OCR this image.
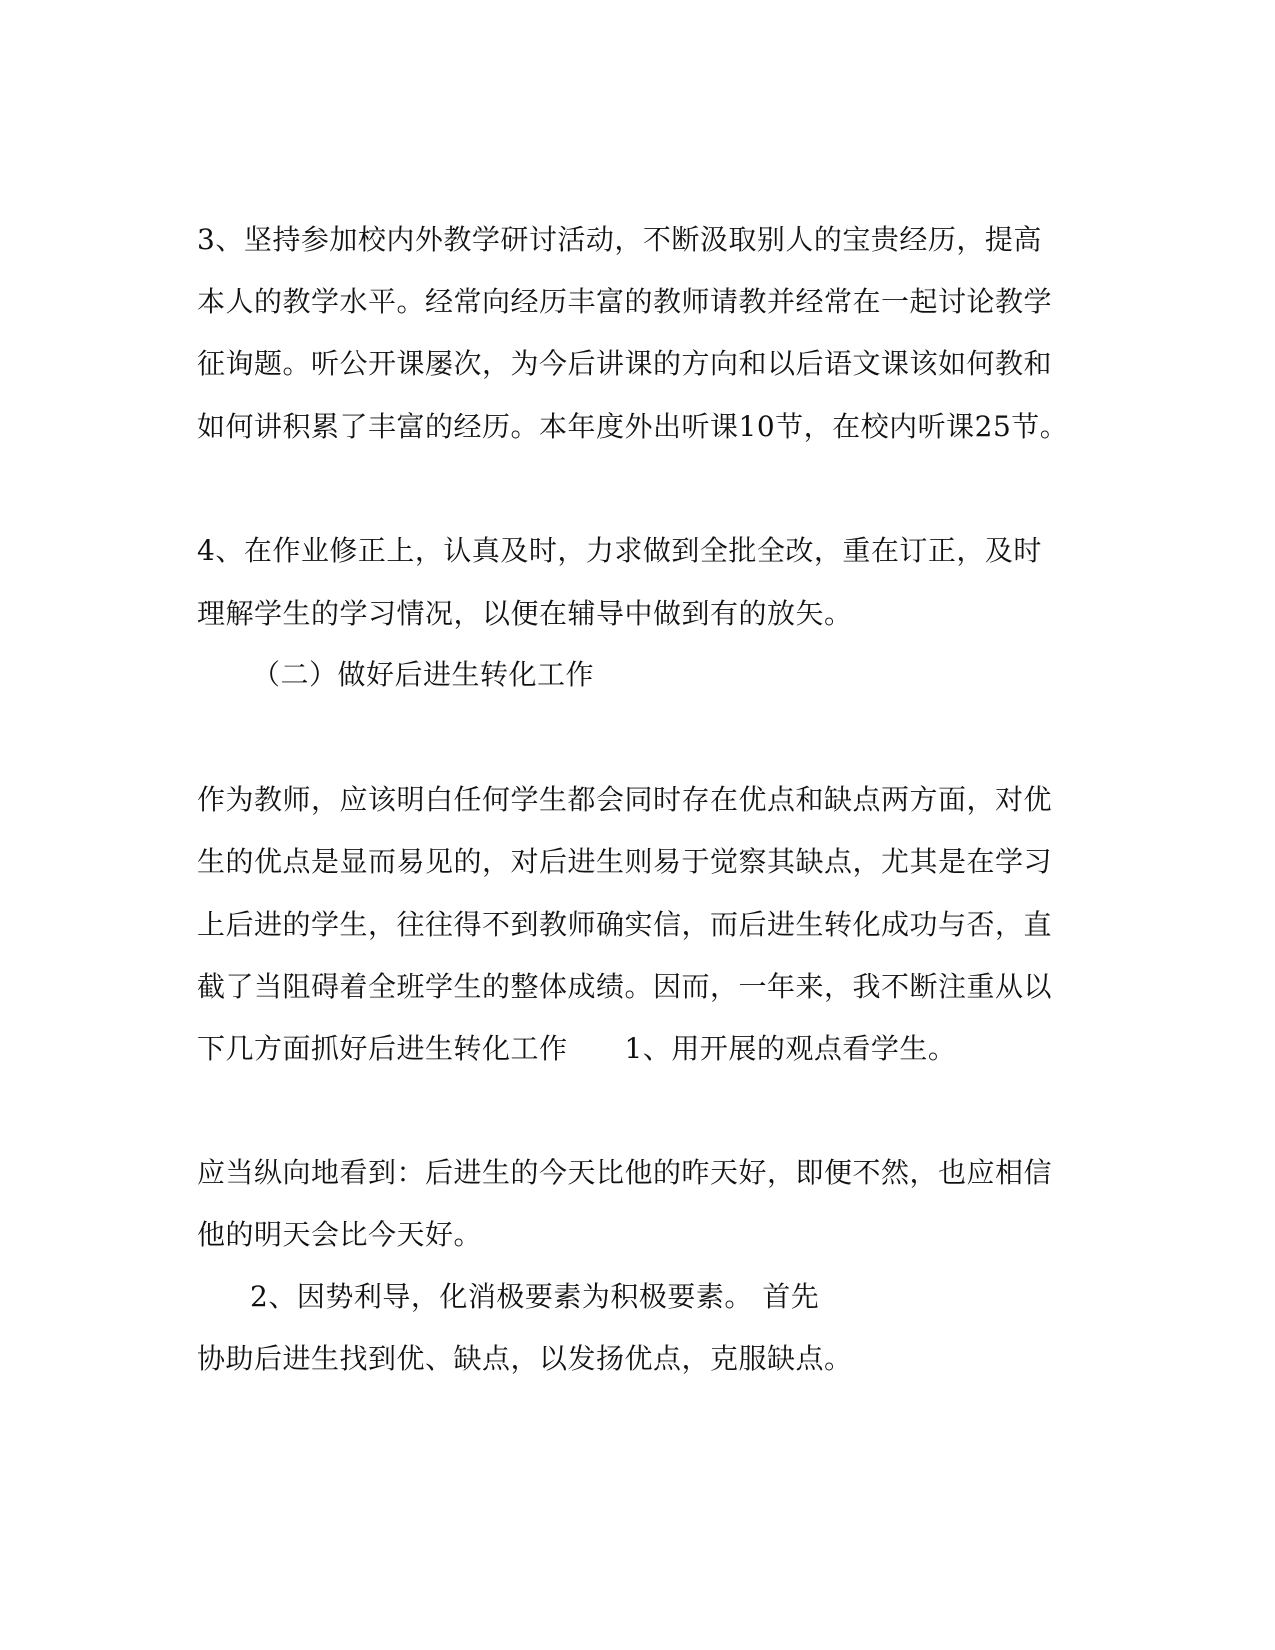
3、坚持参加校内外教学研讨活动，不断汲取别人的宝贵经历，提高
本人的教学水平。经常向经历丰富的教师请教并经常在一起讨论教学
征询题。听公开课屡次，为今后讲课的方向和以后语文课该如何教和
如何讲积累了丰富的经历。本年度外出听课10节，在校内听课25节。
4、在作业修正上，认真及时，力求做到全批全改，重在订正，及时
理解学生的学习情况，以便在辅导中做到有的放矢。
（二）做好后进生转化工作
作为教师，应该明白任何学生都会同时存在优点和缺点两方面，对优
生的优点是显而易见的，对后进生则易于觉察其缺点，尤其是在学习
上后进的学生，往往得不到教师确实信，而后进生转化成功与否，直
截了当阻碍着全班学生的整体成绩。因而，一年来，我不断注重从以
下几方面抓好后进生转化工作　　1、用开展的观点看学生。
应当纵向地看到：后进生的今天比他的昨天好，即便不然，也应相信
他的明天会比今天好。
2、因势利导，化消极要素为积极要素。 首先
协助后进生找到优、缺点，以发扬优点，克服缺点。
